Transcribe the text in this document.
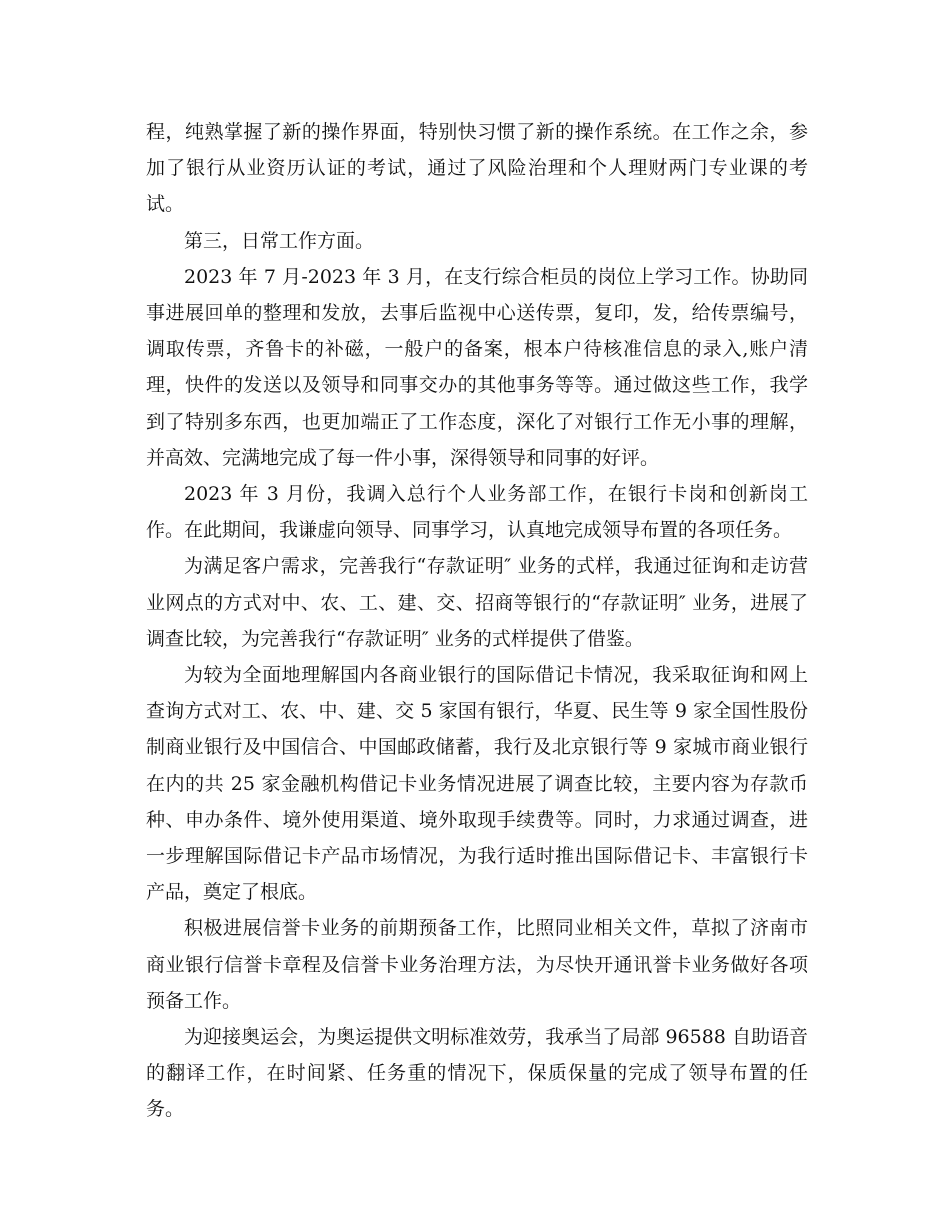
程，纯熟掌握了新的操作界面，特别快习惯了新的操作系统。在工作之余，参加了银行从业资历认证的考试，通过了风险治理和个人理财两门专业课的考试。

第三，日常工作方面。

2023 年 7 月-2023 年 3 月，在支行综合柜员的岗位上学习工作。协助同事进展回单的整理和发放，去事后监视中心送传票，复印，发，给传票编号，调取传票，齐鲁卡的补磁，一般户的备案，根本户待核准信息的录入,账户清理，快件的发送以及领导和同事交办的其他事务等等。通过做这些工作，我学到了特别多东西，也更加端正了工作态度，深化了对银行工作无小事的理解，并高效、完满地完成了每一件小事，深得领导和同事的好评。

2023 年 3 月份，我调入总行个人业务部工作，在银行卡岗和创新岗工作。在此期间，我谦虚向领导、同事学习，认真地完成领导布置的各项任务。

为满足客户需求，完善我行“存款证明″ 业务的式样，我通过征询和走访营业网点的方式对中、农、工、建、交、招商等银行的“存款证明″ 业务，进展了调查比较，为完善我行“存款证明″ 业务的式样提供了借鉴。

为较为全面地理解国内各商业银行的国际借记卡情况，我采取征询和网上查询方式对工、农、中、建、交 5 家国有银行，华夏、民生等 9 家全国性股份制商业银行及中国信合、中国邮政储蓄，我行及北京银行等 9 家城市商业银行在内的共 25 家金融机构借记卡业务情况进展了调查比较，主要内容为存款币种、申办条件、境外使用渠道、境外取现手续费等。同时，力求通过调查，进一步理解国际借记卡产品市场情况，为我行适时推出国际借记卡、丰富银行卡产品，奠定了根底。

积极进展信誉卡业务的前期预备工作，比照同业相关文件，草拟了济南市商业银行信誉卡章程及信誉卡业务治理方法，为尽快开通讯誉卡业务做好各项预备工作。

为迎接奥运会，为奥运提供文明标准效劳，我承当了局部 96588 自助语音的翻译工作，在时间紧、任务重的情况下，保质保量的完成了领导布置的任务。
